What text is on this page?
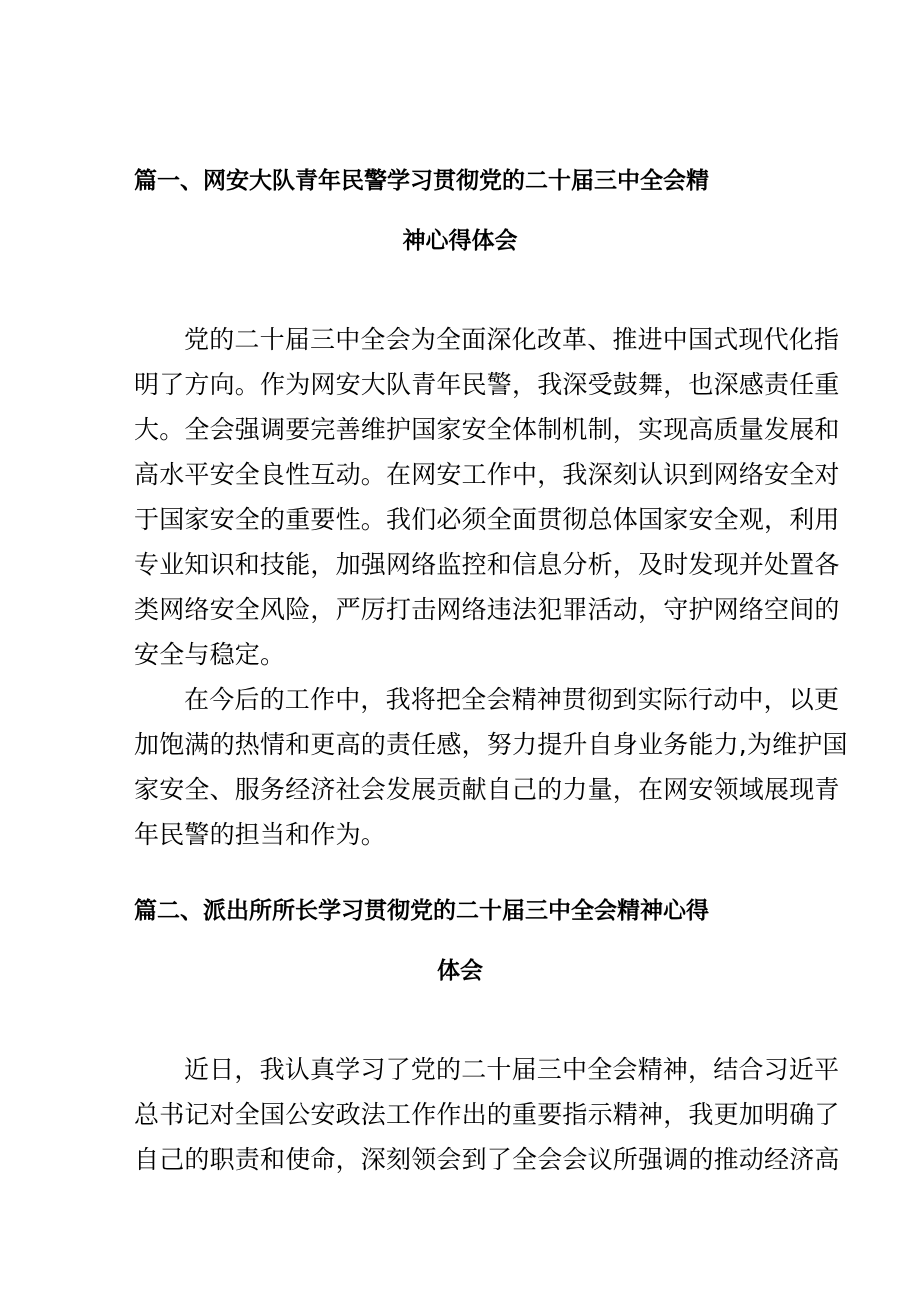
篇一、网安大队青年民警学习贯彻党的二十届三中全会精
神心得体会

党的二十届三中全会为全面深化改革、推进中国式现代化指

明了方向。作为网安大队青年民警，我深受鼓舞，也深感责任重

大。全会强调要完善维护国家安全体制机制，实现高质量发展和

高水平安全良性互动。在网安工作中，我深刻认识到网络安全对

于国家安全的重要性。我们必须全面贯彻总体国家安全观，利用

专业知识和技能，加强网络监控和信息分析，及时发现并处置各

类网络安全风险，严厉打击网络违法犯罪活动，守护网络空间的

安全与稳定。

在今后的工作中，我将把全会精神贯彻到实际行动中，以更

加饱满的热情和更高的责任感，努力提升自身业务能力,为维护国

家安全、服务经济社会发展贡献自己的力量，在网安领域展现青

年民警的担当和作为。

篇二、派出所所长学习贯彻党的二十届三中全会精神心得
体会

近日，我认真学习了党的二十届三中全会精神，结合习近平

总书记对全国公安政法工作作出的重要指示精神，我更加明确了

自己的职责和使命，深刻领会到了全会会议所强调的推动经济高
